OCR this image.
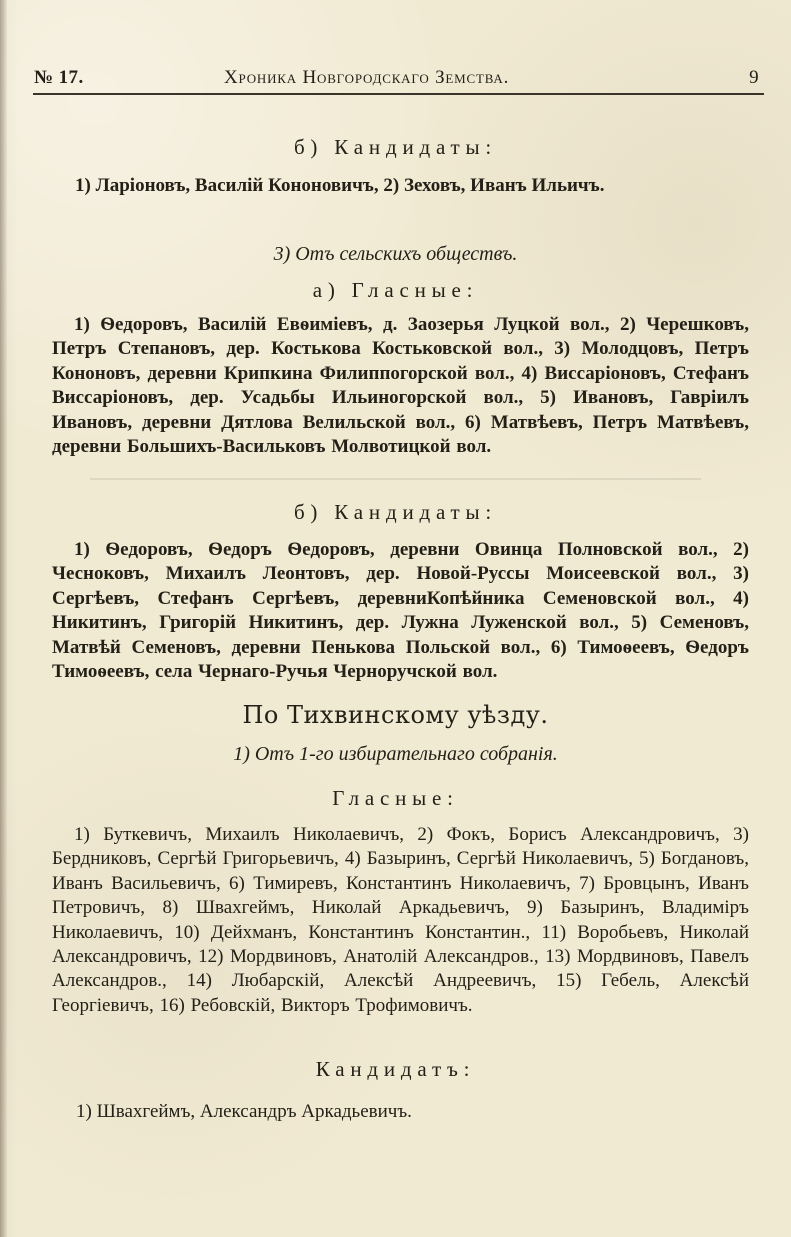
№ 17.	Хроника Новгородскаго Земства.	9
б) Кандидаты:
1) Ларіоновъ, Василій Кононовичъ, 2) Зеховъ, Иванъ Ильичъ.
3) Отъ сельскихъ обществъ.
а) Гласные:
1) Ѳедоровъ, Василій Евѳиміевъ, д. Заозерья Луцкой вол., 2) Черешковъ, Петръ Степановъ, дер. Костькова Костьковской вол., 3) Молодцовъ, Петръ Кононовъ, деревни Крипкина Филиппогорской вол., 4) Виссаріоновъ, Стефанъ Виссаріоновъ, дер. Усадьбы Ильиногорской вол., 5) Ивановъ, Гавріилъ Ивановъ, деревни Дятлова Велильской вол., 6) Матвѣевъ, Петръ Матвѣевъ, деревни Большихъ-Васильковъ Молвотицкой вол.
б) Кандидаты:
1) Ѳедоровъ, Ѳедоръ Ѳедоровъ, деревни Овинца Полновской вол., 2) Чесноковъ, Михаилъ Леонтовъ, дер. Новой-Руссы Моисеевской вол., 3) Сергѣевъ, Стефанъ Сергѣевъ, деревниКопѣйника Семеновской вол., 4) Никитинъ, Григорій Никитинъ, дер. Лужна Луженской вол., 5) Семеновъ, Матвѣй Семеновъ, деревни Пенькова Польской вол., 6) Тимоѳеевъ, Ѳедоръ Тимоѳеевъ, села Чернаго-Ручья Черноручской вол.
По Тихвинскому уѣзду.
1) Отъ 1-го избирательнаго собранія.
Гласные:
1) Буткевичъ, Михаилъ Николаевичъ, 2) Фокъ, Борисъ Александровичъ, 3) Бердниковъ, Сергѣй Григорьевичъ, 4) Базыринъ, Сергѣй Николаевичъ, 5) Богдановъ, Иванъ Васильевичъ, 6) Тимиревъ, Константинъ Николаевичъ, 7) Бровцынъ, Иванъ Петровичъ, 8) Швахгеймъ, Николай Аркадьевичъ, 9) Базыринъ, Владиміръ Николаевичъ, 10) Дейхманъ, Константинъ Константин., 11) Воробьевъ, Николай Александровичъ, 12) Мордвиновъ, Анатолій Александров., 13) Мордвиновъ, Павелъ Александров., 14) Любарскій, Алексѣй Андреевичъ, 15) Гебель, Алексѣй Георгіевичъ, 16) Ребовскій, Викторъ Трофимовичъ.
Кандидатъ:
1) Швахгеймъ, Александръ Аркадьевичъ.
